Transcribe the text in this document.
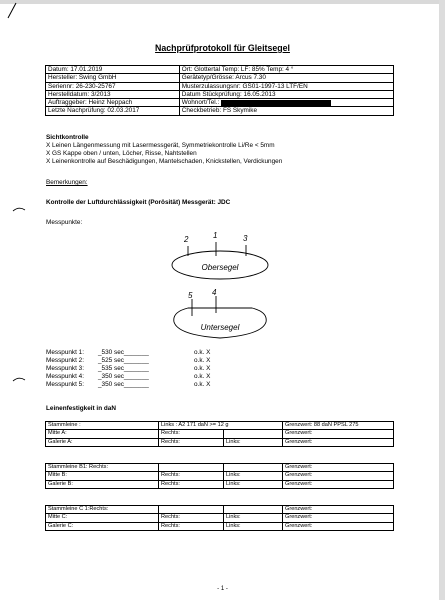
Nachprüfprotokoll für Gleitsegel
Datum: 17.01.2019	Ort: Glottertal Temp: LF: 85% Temp: 4 °
Hersteller: Swing GmbH	Gerätetyp/Grösse: Arcus 7.30
Seriennr: 26-230-25767	Musterzulassungsnr: GS01-1997-13 LTF/EN
Herstelldatum: 3/2013	Datum Stückprüfung: 16.05.2013
Auftraggeber: Heinz Neppach	Wohnort/Tel.:
Letzte Nachprüfung: 02.03.2017	Checkbetrieb: FS Skymike
Sichtkontrolle
X Leinen Längenmessung mit Lasermessgerät, Symmetriekontrolle Li/Re < 5mm
X GS Kappe oben / unten, Löcher, Risse, Nahtstellen
X Leinenkontrolle auf Beschädigungen, Mantelschaden, Knickstellen, Verdickungen
Bemerkungen:
Kontrolle der Luftdurchlässigkeit (Porösität) Messgerät: JDC
Messpunkte:
Obersegel
Untersegel
2	1	3
5 4
Messpunkt 1: _530 sec_______	o.k. X
Messpunkt 2: _525 sec_______	o.k. X
Messpunkt 3: _535 sec_______	o.k. X
Messpunkt 4: _350 sec_______	o.k. X
Messpunkt 5: _350 sec_______	o.k. X
Leinenfestigkeit in daN
Stammleine :	Links : A2 171 daN >= 12 g		Grenzwert: 88 daN PPSL 275
Mitte A:	Rechts:		Grenzwert:
Galerie A:	Rechts:	Links:	Grenzwert:
Stammleine B1: Rechts:			Grenzwert:
Mitte B:	Rechts:	Links:	Grenzwert:
Galerie B:	Rechts:	Links:	Grenzwert:
Stammleine C 1:Rechts:			Grenzwert:
Mitte C:	Rechts:	Links:	Grenzwert:
Galerie C:	Rechts:	Links:	Grenzwert:
- 1 -
